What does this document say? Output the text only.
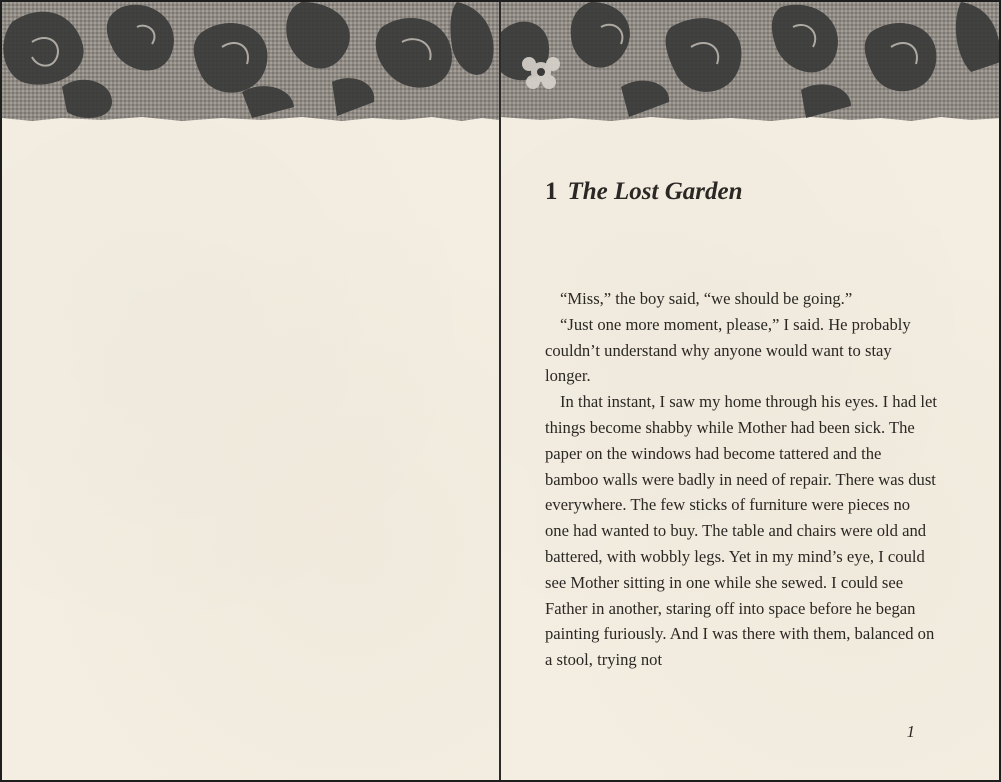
1 The Lost Garden

“Miss,” the boy said, “we should be going.”

“Just one more moment, please,” I said. He probably couldn’t understand why anyone would want to stay longer.

In that instant, I saw my home through his eyes. I had let things become shabby while Mother had been sick. The paper on the windows had become tattered and the bamboo walls were badly in need of repair. There was dust everywhere. The few sticks of furniture were pieces no one had wanted to buy. The table and chairs were old and battered, with wobbly legs. Yet in my mind’s eye, I could see Mother sitting in one while she sewed. I could see Father in another, staring off into space before he began painting furiously. And I was there with them, balanced on a stool, trying not

1
